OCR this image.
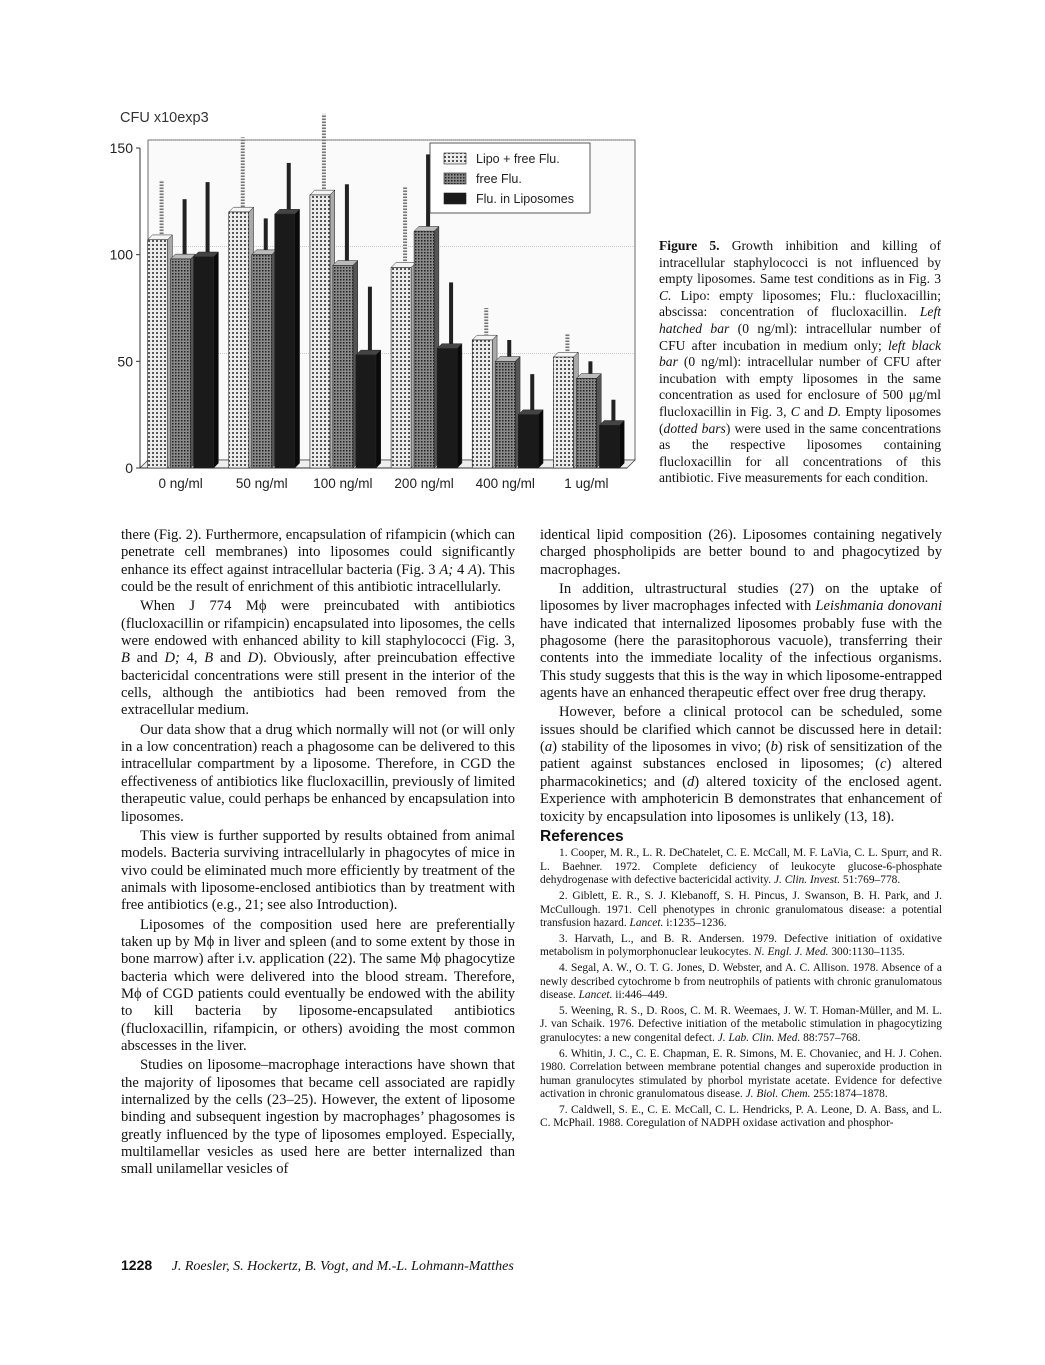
0
50
100
150
CFU x10exp3
0 ng/ml 50 ng/ml 100 ng/ml 200 ng/ml 400 ng/ml 1 ug/ml
Lipo + free Flu.
free Flu.
Flu. in Liposomes
Figure 5. Growth inhibition and killing of intracellular staphylococci is not influenced by empty liposomes. Same test conditions as in Fig. 3 C. Lipo: empty liposomes; Flu.: flucloxacillin; abscissa: concentration of flucloxacillin. Left hatched bar (0 ng/ml): intracellular number of CFU after incubation in medium only; left black bar (0 ng/ml): intracellular number of CFU after incubation with empty liposomes in the same concentration as used for enclosure of 500 μg/ml flucloxacillin in Fig. 3, C and D. Empty liposomes (dotted bars) were used in the same concentrations as the respective liposomes containing flucloxacillin for all concentrations of this antibiotic. Five measurements for each condition.

there (Fig. 2). Furthermore, encapsulation of rifampicin (which can penetrate cell membranes) into liposomes could significantly enhance its effect against intracellular bacteria (Fig. 3 A; 4 A). This could be the result of enrichment of this antibiotic intracellularly.

When J 774 Mϕ were preincubated with antibiotics (flucloxacillin or rifampicin) encapsulated into liposomes, the cells were endowed with enhanced ability to kill staphylococci (Fig. 3, B and D; 4, B and D). Obviously, after preincubation effective bactericidal concentrations were still present in the interior of the cells, although the antibiotics had been removed from the extracellular medium.

Our data show that a drug which normally will not (or will only in a low concentration) reach a phagosome can be delivered to this intracellular compartment by a liposome. Therefore, in CGD the effectiveness of antibiotics like flucloxacillin, previously of limited therapeutic value, could perhaps be enhanced by encapsulation into liposomes.

This view is further supported by results obtained from animal models. Bacteria surviving intracellularly in phagocytes of mice in vivo could be eliminated much more efficiently by treatment of the animals with liposome-enclosed antibiotics than by treatment with free antibiotics (e.g., 21; see also Introduction).

Liposomes of the composition used here are preferentially taken up by Mϕ in liver and spleen (and to some extent by those in bone marrow) after i.v. application (22). The same Mϕ phagocytize bacteria which were delivered into the blood stream. Therefore, Mϕ of CGD patients could eventually be endowed with the ability to kill bacteria by liposome-encapsulated antibiotics (flucloxacillin, rifampicin, or others) avoiding the most common abscesses in the liver.

Studies on liposome–macrophage interactions have shown that the majority of liposomes that became cell associated are rapidly internalized by the cells (23–25). However, the extent of liposome binding and subsequent ingestion by macrophages’ phagosomes is greatly influenced by the type of liposomes employed. Especially, multilamellar vesicles as used here are better internalized than small unilamellar vesicles of

identical lipid composition (26). Liposomes containing negatively charged phospholipids are better bound to and phagocytized by macrophages.

In addition, ultrastructural studies (27) on the uptake of liposomes by liver macrophages infected with Leishmania donovani have indicated that internalized liposomes probably fuse with the phagosome (here the parasitophorous vacuole), transferring their contents into the immediate locality of the infectious organisms. This study suggests that this is the way in which liposome-entrapped agents have an enhanced therapeutic effect over free drug therapy.

However, before a clinical protocol can be scheduled, some issues should be clarified which cannot be discussed here in detail: (a) stability of the liposomes in vivo; (b) risk of sensitization of the patient against substances enclosed in liposomes; (c) altered pharmacokinetics; and (d) altered toxicity of the enclosed agent. Experience with amphotericin B demonstrates that enhancement of toxicity by encapsulation into liposomes is unlikely (13, 18).

References

1. Cooper, M. R., L. R. DeChatelet, C. E. McCall, M. F. LaVia, C. L. Spurr, and R. L. Baehner. 1972. Complete deficiency of leukocyte glucose-6-phosphate dehydrogenase with defective bactericidal activity. J. Clin. Invest. 51:769–778.

2. Giblett, E. R., S. J. Klebanoff, S. H. Pincus, J. Swanson, B. H. Park, and J. McCullough. 1971. Cell phenotypes in chronic granulomatous disease: a potential transfusion hazard. Lancet. i:1235–1236.

3. Harvath, L., and B. R. Andersen. 1979. Defective initiation of oxidative metabolism in polymorphonuclear leukocytes. N. Engl. J. Med. 300:1130–1135.

4. Segal, A. W., O. T. G. Jones, D. Webster, and A. C. Allison. 1978. Absence of a newly described cytochrome b from neutrophils of patients with chronic granulomatous disease. Lancet. ii:446–449.

5. Weening, R. S., D. Roos, C. M. R. Weemaes, J. W. T. Homan-Müller, and M. L. J. van Schaik. 1976. Defective initiation of the metabolic stimulation in phagocytizing granulocytes: a new congenital defect. J. Lab. Clin. Med. 88:757–768.

6. Whitin, J. C., C. E. Chapman, E. R. Simons, M. E. Chovaniec, and H. J. Cohen. 1980. Correlation between membrane potential changes and superoxide production in human granulocytes stimulated by phorbol myristate acetate. Evidence for defective activation in chronic granulomatous disease. J. Biol. Chem. 255:1874–1878.

7. Caldwell, S. E., C. E. McCall, C. L. Hendricks, P. A. Leone, D. A. Bass, and L. C. McPhail. 1988. Coregulation of NADPH oxidase activation and phosphor-

1228 J. Roesler, S. Hockertz, B. Vogt, and M.-L. Lohmann-Matthes
